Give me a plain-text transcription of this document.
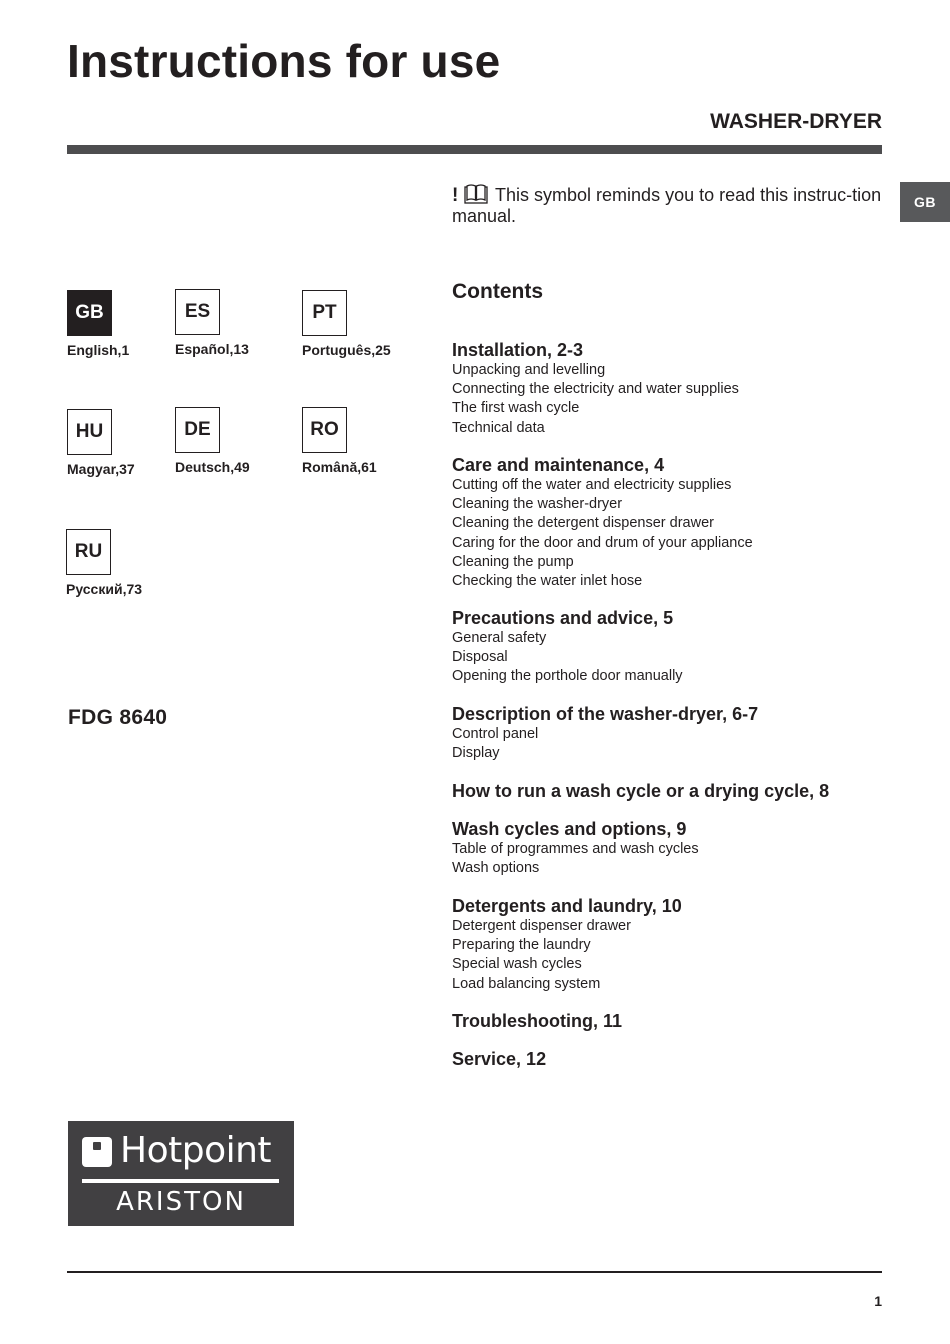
Instructions for use
WASHER-DRYER
GB
! This symbol reminds you to read this instruc-tion manual.
GB
English,1
ES
Español,13
PT
Português,25
HU
Magyar,37
DE
Deutsch,49
RO
Română,61
RU
Русский,73
FDG 8640
Contents
Installation, 2-3
Unpacking and levelling
Connecting the electricity and water supplies
The first wash cycle
Technical data
Care and maintenance, 4
Cutting off the water and electricity supplies
Cleaning the washer-dryer
Cleaning the detergent dispenser drawer
Caring for the door and drum of your appliance
Cleaning the pump
Checking the water inlet hose
Precautions and advice, 5
General safety
Disposal
Opening the porthole door manually
Description of the washer-dryer, 6-7
Control panel
Display
How to run a wash cycle or a drying cycle, 8
Wash cycles and options, 9
Table of programmes and wash cycles
Wash options
Detergents and laundry, 10
Detergent dispenser drawer
Preparing the laundry
Special wash cycles
Load balancing system
Troubleshooting, 11
Service, 12
Hotpoint
ARISTON
1
